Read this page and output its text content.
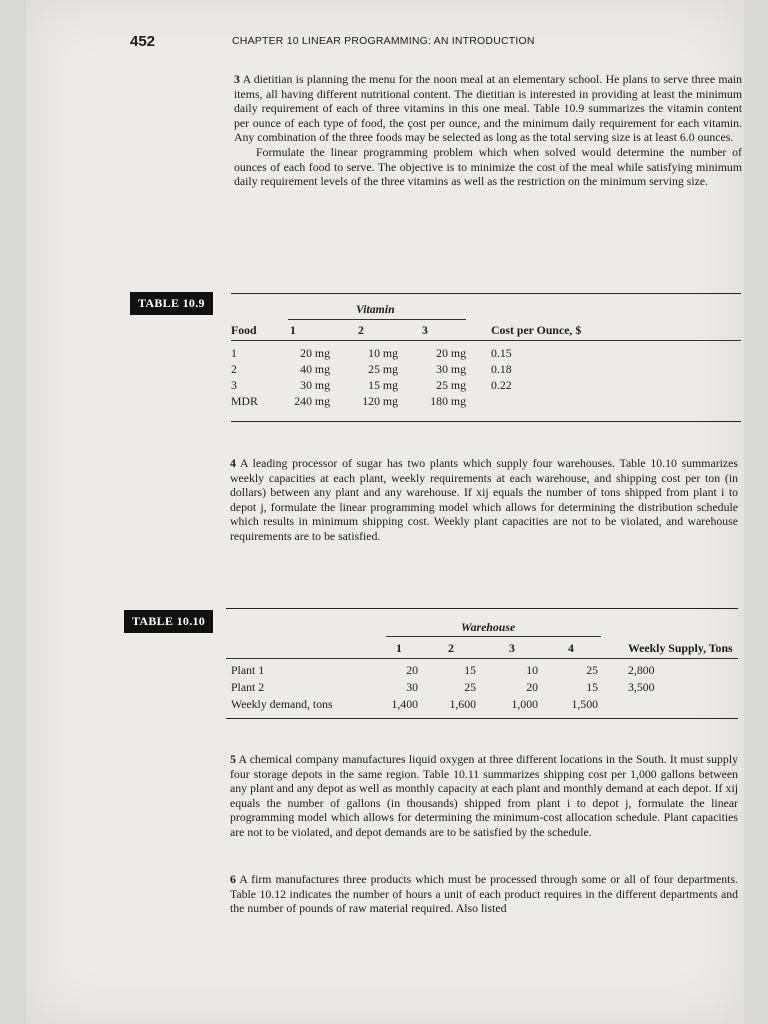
452	CHAPTER 10 LINEAR PROGRAMMING: AN INTRODUCTION
3 A dietitian is planning the menu for the noon meal at an elementary school. He plans to serve three main items, all having different nutritional content. The dietitian is interested in providing at least the minimum daily requirement of each of three vitamins in this one meal. Table 10.9 summarizes the vitamin content per ounce of each type of food, the çost per ounce, and the minimum daily requirement for each vitamin. Any combination of the three foods may be selected as long as the total serving size is at least 6.0 ounces.
Formulate the linear programming problem which when solved would determine the number of ounces of each food to serve. The objective is to minimize the cost of the meal while satisfying minimum daily requirement levels of the three vitamins as well as the restriction on the minimum serving size.
TABLE 10.9	Vitamin
Food	1	2	3	Cost per Ounce, $
1	20 mg	10 mg	20 mg 0.15
2	40 mg	25 mg	30 mg 0.18
3	30 mg	15 mg	25 mg 0.22
MDR	240 mg	120 mg	180 mg
4 A leading processor of sugar has two plants which supply four warehouses. Table 10.10 summarizes weekly capacities at each plant, weekly requirements at each warehouse, and shipping cost per ton (in dollars) between any plant and any warehouse. If xij equals the number of tons shipped from plant i to depot j, formulate the linear programming model which allows for determining the distribution schedule which results in minimum shipping cost. Weekly plant capacities are not to be violated, and warehouse requirements are to be satisfied.
TABLE 10.10	Warehouse
1	2	3	4	Weekly Supply, Tons
Plant 1	20	15	10	25	2,800
Plant 2	30	25	20	15	3,500
Weekly demand, tons	1,400	1,600	1,000	1,500
5 A chemical company manufactures liquid oxygen at three different locations in the South. It must supply four storage depots in the same region. Table 10.11 summarizes shipping cost per 1,000 gallons between any plant and any depot as well as monthly capacity at each plant and monthly demand at each depot. If xij equals the number of gallons (in thousands) shipped from plant i to depot j, formulate the linear programming model which allows for determining the minimum-cost allocation schedule. Plant capacities are not to be violated, and depot demands are to be satisfied by the schedule.
6 A firm manufactures three products which must be processed through some or all of four departments. Table 10.12 indicates the number of hours a unit of each product requires in the different departments and the number of pounds of raw material required. Also listed
